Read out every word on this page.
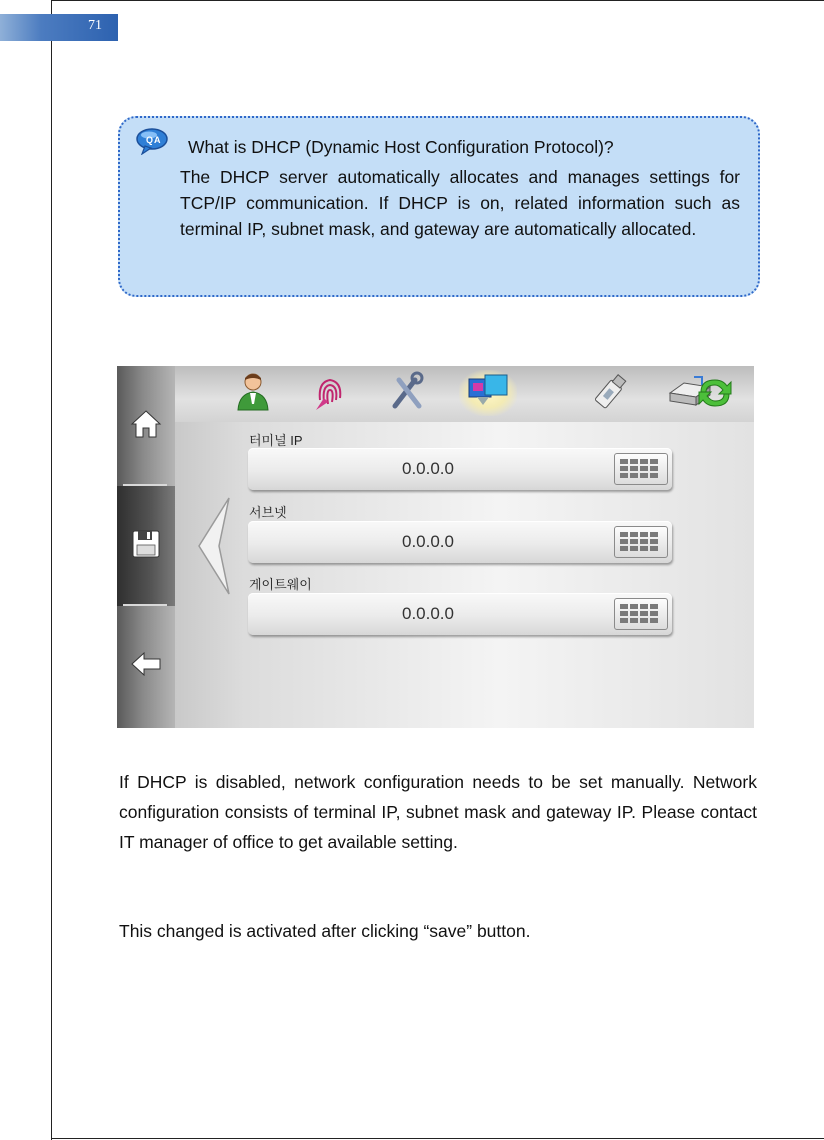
71
Q A What is DHCP (Dynamic Host Configuration Protocol)?
The DHCP server automatically allocates and manages settings for TCP/IP communication. If DHCP is on, related information such as terminal IP, subnet mask, and gateway are automatically allocated.
터미널 IP
0.0.0.0
서브넷
0.0.0.0
게이트웨이
0.0.0.0

If DHCP is disabled, network configuration needs to be set manually. Network configuration consists of terminal IP, subnet mask and gateway IP. Please contact IT manager of office to get available setting.

This changed is activated after clicking “save” button.
